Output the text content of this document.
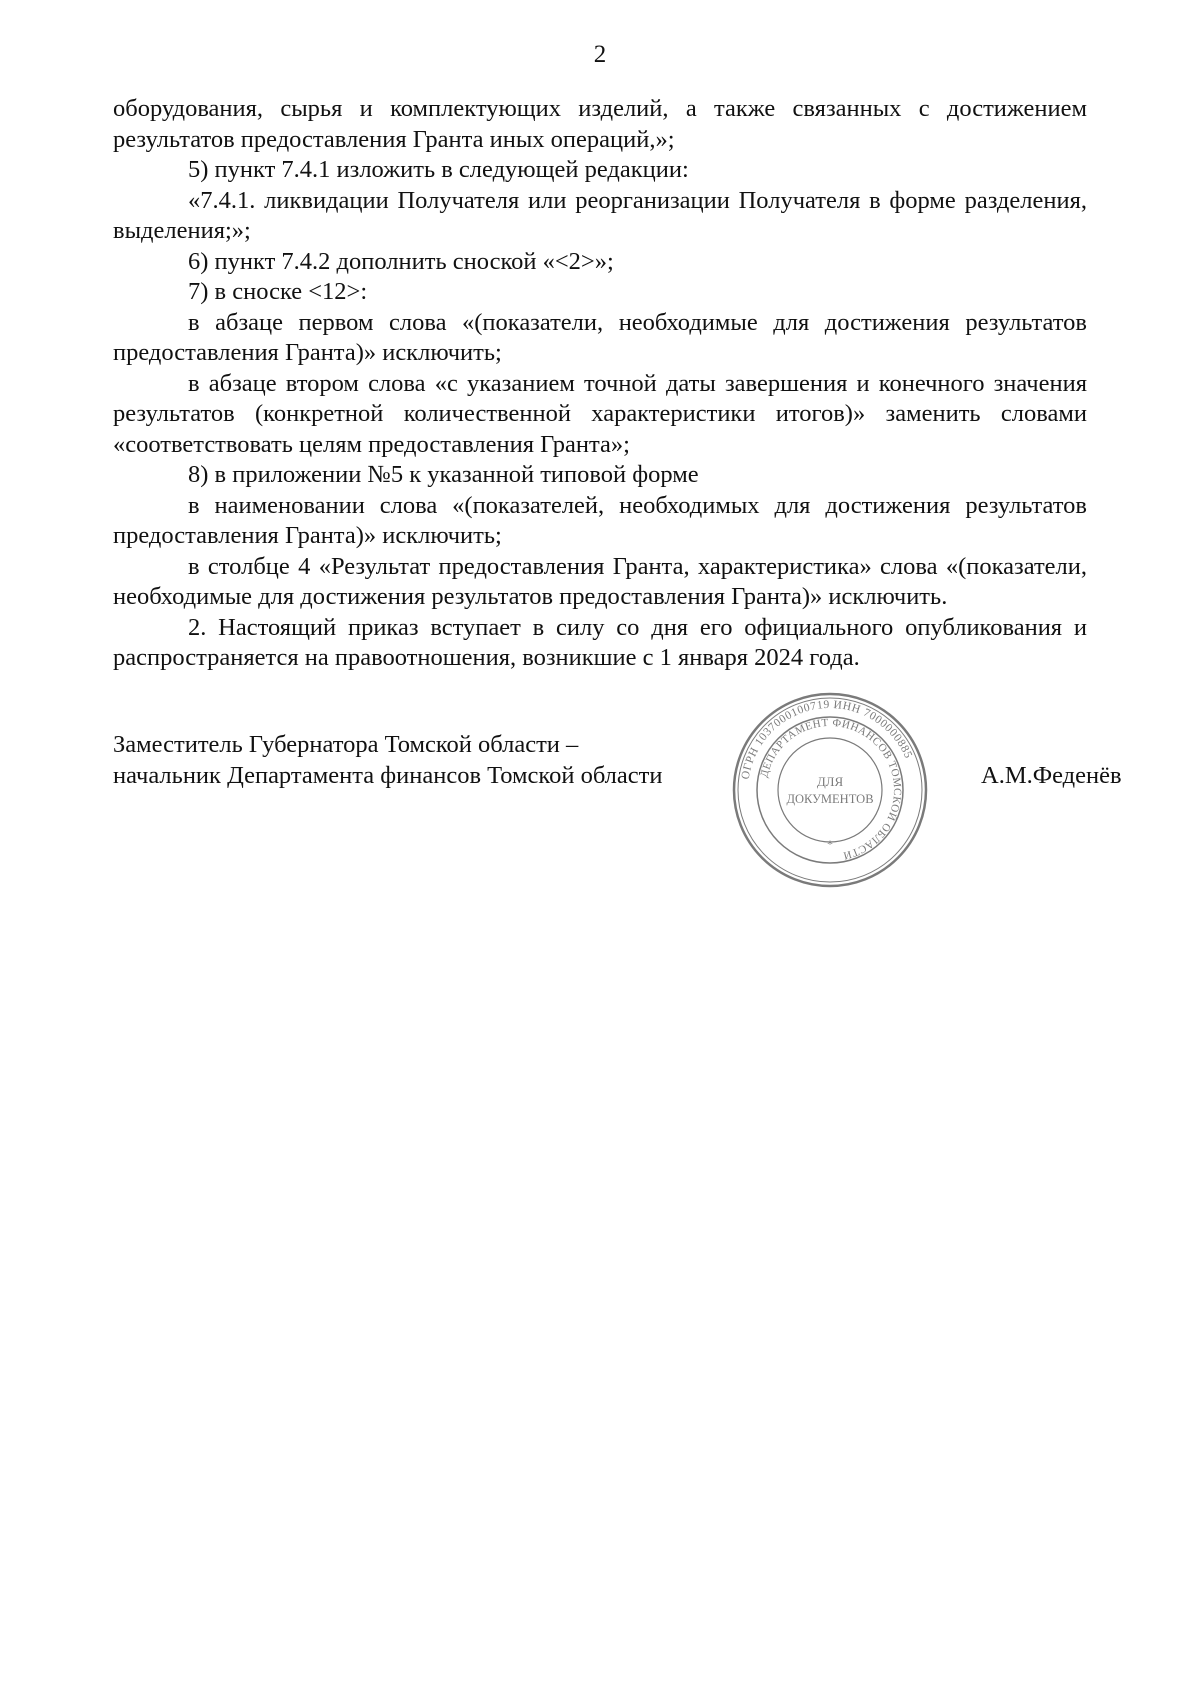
2

оборудования, сырья и комплектующих изделий, а также связанных с достижением результатов предоставления Гранта иных операций,»;

5) пункт 7.4.1 изложить в следующей редакции:

«7.4.1. ликвидации Получателя или реорганизации Получателя в форме разделения, выделения;»;

6) пункт 7.4.2 дополнить сноской «<2>»;

7) в сноске <12>:

в абзаце первом слова «(показатели, необходимые для достижения результатов предоставления Гранта)» исключить;

в абзаце втором слова «с указанием точной даты завершения и конечного значения результатов (конкретной количественной характеристики итогов)» заменить словами «соответствовать целям предоставления Гранта»;

8) в приложении №5 к указанной типовой форме

в наименовании слова «(показателей, необходимых для достижения результатов предоставления Гранта)» исключить;

в столбце 4 «Результат предоставления Гранта, характеристика» слова «(показатели, необходимые для достижения результатов предоставления Гранта)» исключить.

2. Настоящий приказ вступает в силу со дня его официального опубликования и распространяется на правоотношения, возникшие с 1 января 2024 года.

Заместитель Губернатора Томской области –
начальник Департамента финансов Томской области	А.М.Феденёв
ОГРН 1037000100719 ИНН 7000000885
ДЕПАРТАМЕНТ ФИНАНСОВ ТОМСКОЙ ОБЛАСТИ
ДЛЯ
ДОКУМЕНТОВ
*
